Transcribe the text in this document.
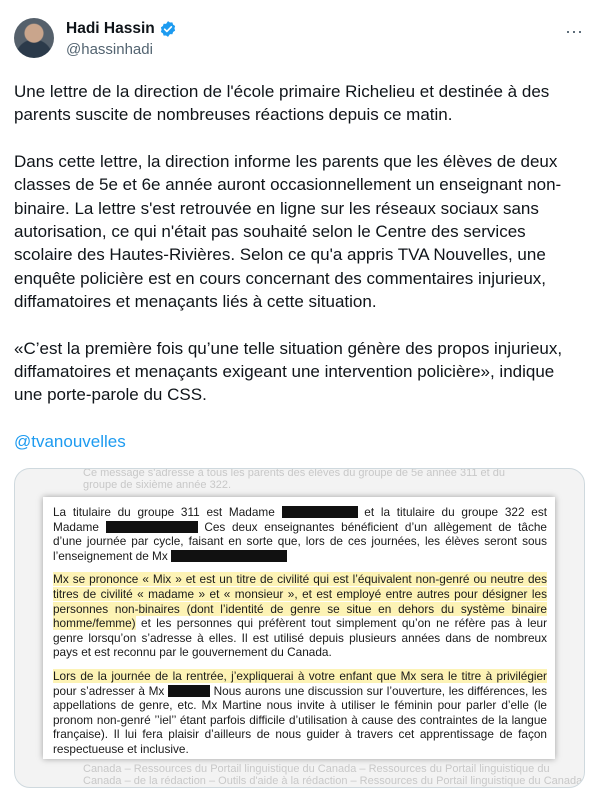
Hadi Hassin
@hassinhadi
⋯

Une lettre de la direction de l'école primaire Richelieu et destinée à des parents suscite de nombreuses réactions depuis ce matin.

Dans cette lettre, la direction informe les parents que les élèves de deux classes de 5e et 6e année auront occasionnellement un enseignant non-binaire. La lettre s'est retrouvée en ligne sur les réseaux sociaux sans autorisation, ce qui n'était pas souhaité selon le Centre des services scolaire des Hautes-Rivières. Selon ce qu'a appris TVA Nouvelles, une enquête policière est en cours concernant des commentaires injurieux, diffamatoires et menaçants liés à cette situation.

«C’est la première fois qu’une telle situation génère des propos injurieux, diffamatoires et menaçants exigeant une intervention policière», indique une porte-parole du CSS.

@tvanouvelles

Ce message s'adresse à tous les parents des élèves du groupe de 5e année 311 et du
groupe de sixième année 322.

La titulaire du groupe 311 est Madame	et la titulaire du groupe 322 est Madame	Ces deux enseignantes bénéficient d’un allègement de tâche d’une journée par cycle, faisant en sorte que, lors de ces journées, les élèves seront sous l’enseignement de Mx

Mx se prononce « Mix » et est un titre de civilité qui est l’équivalent non-genré ou neutre des titres de civilité « madame » et « monsieur », et est employé entre autres pour désigner les personnes non-binaires (dont l’identité de genre se situe en dehors du système binaire homme/femme) et les personnes qui préfèrent tout simplement qu’on ne réfère pas à leur genre lorsqu’on s’adresse à elles. Il est utilisé depuis plusieurs années dans de nombreux pays et est reconnu par le gouvernement du Canada.

Lors de la journée de la rentrée, j’expliquerai à votre enfant que Mx sera le titre à privilégier pour s’adresser à Mx	Nous aurons une discussion sur l’ouverture, les différences, les appellations de genre, etc. Mx Martine nous invite à utiliser le féminin pour parler d’elle (le pronom non-genré ’’iel’’ étant parfois difficile d’utilisation à cause des contraintes de la langue française). Il lui fera plaisir d’ailleurs de nous guider à travers cet apprentissage de façon respectueuse et inclusive.

Canada – Ressources du Portail linguistique du Canada – Ressources du Portail linguistique du
Canada – de la rédaction – Outils d'aide à la rédaction – Ressources du Portail linguistique du Canada
